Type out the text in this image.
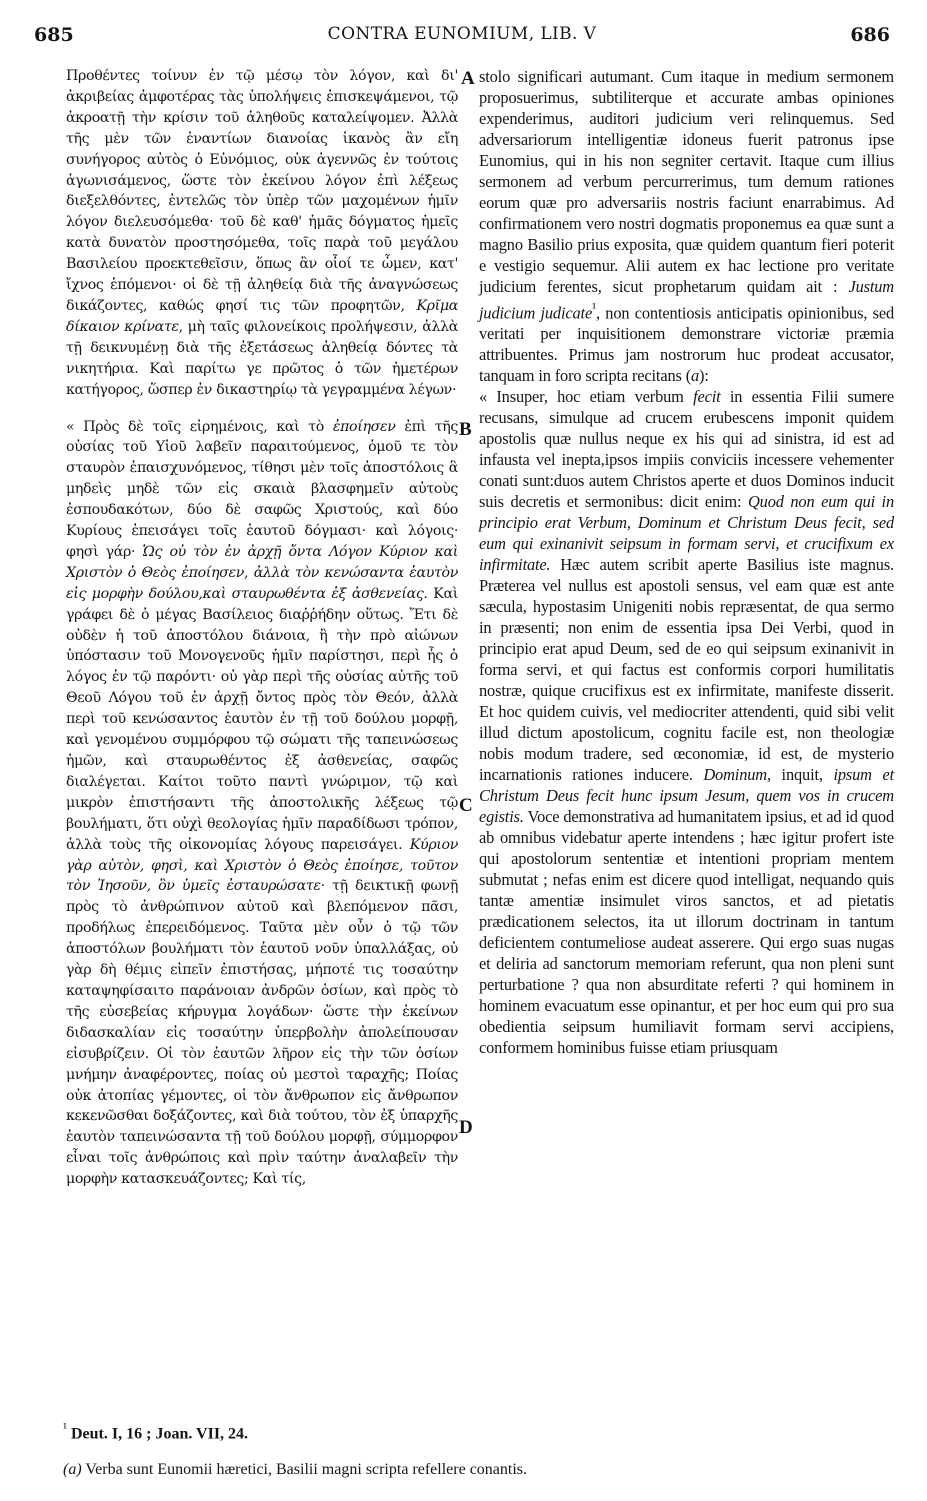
685	CONTRA EUNOMIUM, LIB. V	686

Προθέντες τοίνυν ἐν τῷ μέσῳ τὸν λόγον, καὶ δι' ἀκριβείας ἀμφοτέρας τὰς ὑπολήψεις ἐπισκεψάμενοι, τῷ ἀκροατῇ τὴν κρίσιν τοῦ ἀληθοῦς καταλείψομεν. Ἀλλὰ τῆς μὲν τῶν ἐναντίων διανοίας ἱκανὸς ἂν εἴη συνήγορος αὐτὸς ὁ Εὐνόμιος, οὐκ ἀγεννῶς ἐν τούτοις ἀγωνισάμενος, ὥστε τὸν ἐκείνου λόγον ἐπὶ λέξεως διεξελθόντες, ἐντελῶς τὸν ὑπὲρ τῶν μαχομένων ἡμῖν λόγον διελευσόμεθα· τοῦ δὲ καθ' ἡμᾶς δόγματος ἡμεῖς κατὰ δυνατὸν προστησόμεθα, τοῖς παρὰ τοῦ μεγάλου Βασιλείου προεκτεθεῖσιν, ὅπως ἂν οἷοί τε ὦμεν, κατ' ἴχνος ἑπόμενοι· οἱ δὲ τῇ ἀληθείᾳ διὰ τῆς ἀναγνώσεως δικάζοντες, καθώς φησί τις τῶν προφητῶν, Κρῖμα δίκαιον κρίνατε, μὴ ταῖς φιλονείκοις προλήψεσιν, ἀλλὰ τῇ δεικνυμένῃ διὰ τῆς ἐξετάσεως ἀληθείᾳ δόντες τὰ νικητήρια. Καὶ παρίτω γε πρῶτος ὁ τῶν ἡμετέρων κατήγορος, ὥσπερ ἐν δικαστηρίῳ τὰ γεγραμμένα λέγων·

« Πρὸς δὲ τοῖς εἰρημένοις, καὶ τὸ ἐποίησεν ἐπὶ τῆς οὐσίας τοῦ Υἱοῦ λαβεῖν παραιτούμενος, ὁμοῦ τε τὸν σταυρὸν ἐπαισχυνόμενος, τίθησι μὲν τοῖς ἀποστόλοις ἃ μηδεὶς μηδὲ τῶν εἰς σκαιὰ βλασφημεῖν αὐτοὺς ἐσπουδακότων, δύο δὲ σαφῶς Χριστούς, καὶ δύο Κυρίους ἐπεισάγει τοῖς ἑαυτοῦ δόγμασι· καὶ λόγοις· φησὶ γάρ· Ὡς οὐ τὸν ἐν ἀρχῇ ὄντα Λόγον Κύριον καὶ Χριστὸν ὁ Θεὸς ἐποίησεν, ἀλλὰ τὸν κενώσαντα ἑαυτὸν εἰς μορφὴν δούλου,καὶ σταυρωθέντα ἐξ ἀσθενείας. Καὶ γράφει δὲ ὁ μέγας Βασίλειος διαῤῥήδην οὕτως. Ἔτι δὲ οὐδὲν ἡ τοῦ ἀποστόλου διάνοια, ἢ τὴν πρὸ αἰώνων ὑπόστασιν τοῦ Μονογενοῦς ἡμῖν παρίστησι, περὶ ἧς ὁ λόγος ἐν τῷ παρόντι· οὐ γὰρ περὶ τῆς οὐσίας αὐτῆς τοῦ Θεοῦ Λόγου τοῦ ἐν ἀρχῇ ὄντος πρὸς τὸν Θεόν, ἀλλὰ περὶ τοῦ κενώσαντος ἑαυτὸν ἐν τῇ τοῦ δούλου μορφῇ, καὶ γενομένου συμμόρφου τῷ σώματι τῆς ταπεινώσεως ἡμῶν, καὶ σταυρωθέντος ἐξ ἀσθενείας, σαφῶς διαλέγεται. Καίτοι τοῦτο παντὶ γνώριμον, τῷ καὶ μικρὸν ἐπιστήσαντι τῆς ἀποστολικῆς λέξεως τῷ βουλήματι, ὅτι οὐχὶ θεολογίας ἡμῖν παραδίδωσι τρόπον, ἀλλὰ τοὺς τῆς οἰκονομίας λόγους παρεισάγει. Κύριον γὰρ αὐτὸν, φησὶ, καὶ Χριστὸν ὁ Θεὸς ἐποίησε, τοῦτον τὸν Ἰησοῦν, ὃν ὑμεῖς ἐσταυρώσατε· τῇ δεικτικῇ φωνῇ πρὸς τὸ ἀνθρώπινον αὐτοῦ καὶ βλεπόμενον πᾶσι, προδήλως ἐπερειδόμενος. Ταῦτα μὲν οὖν ὁ τῷ τῶν ἀποστόλων βουλήματι τὸν ἑαυτοῦ νοῦν ὑπαλλάξας, οὐ γὰρ δὴ θέμις εἰπεῖν ἐπιστήσας, μήποτέ τις τοσαύτην καταψηφίσαιτο παράνοιαν ἀνδρῶν ὁσίων, καὶ πρὸς τὸ τῆς εὐσεβείας κήρυγμα λογάδων· ὥστε τὴν ἐκείνων διδασκαλίαν εἰς τοσαύτην ὑπερβολὴν ἀπολείπουσαν εἰσυβρίζειν. Οἱ τὸν ἑαυτῶν λῆρον εἰς τὴν τῶν ὁσίων μνήμην ἀναφέροντες, ποίας οὐ μεστοὶ ταραχῆς; Ποίας οὐκ ἀτοπίας γέμοντες, οἱ τὸν ἄνθρωπον εἰς ἄνθρωπον κεκενῶσθαι δοξάζοντες, καὶ διὰ τούτου, τὸν ἐξ ὑπαρχῆς ἑαυτὸν ταπεινώσαντα τῇ τοῦ δούλου μορφῇ, σύμμορφον εἶναι τοῖς ἀνθρώποις καὶ πρὶν ταύτην ἀναλαβεῖν τὴν μορφὴν κατασκευάζοντες; Καὶ τίς,

A
B
C
D

stolo significari autumant. Cum itaque in medium sermonem proposuerimus, subtiliterque et accurate ambas opiniones expenderimus, auditori judicium veri relinquemus. Sed adversariorum intelligentiæ idoneus fuerit patronus ipse Eunomius, qui in his non segniter certavit. Itaque cum illius sermonem ad verbum percurrerimus, tum demum rationes eorum quæ pro adversariis nostris faciunt enarrabimus. Ad confirmationem vero nostri dogmatis proponemus ea quæ sunt a magno Basilio prius exposita, quæ quidem quantum fieri poterit e vestigio sequemur. Alii autem ex hac lectione pro veritate judicium ferentes, sicut prophetarum quidam ait : Justum judicium judicate$^{^1}$, non contentiosis anticipatis opinionibus, sed veritati per inquisitionem demonstrare victoriæ præmia attribuentes. Primus jam nostrorum huc prodeat accusator, tanquam in foro scripta recitans (a):

« Insuper, hoc etiam verbum fecit in essentia Filii sumere recusans, simulque ad crucem erubescens imponit quidem apostolis quæ nullus neque ex his qui ad sinistra, id est ad infausta vel inepta,ipsos impiis conviciis incessere vehementer conati sunt:duos autem Christos aperte et duos Dominos inducit suis decretis et sermonibus: dicit enim: Quod non eum qui in principio erat Verbum, Dominum et Christum Deus fecit, sed eum qui exinanivit seipsum in formam servi, et crucifixum ex infirmitate. Hæc autem scribit aperte Basilius iste magnus. Præterea vel nullus est apostoli sensus, vel eam quæ est ante sæcula, hypostasim Unigeniti nobis repræsentat, de qua sermo in præsenti; non enim de essentia ipsa Dei Verbi, quod in principio erat apud Deum, sed de eo qui seipsum exinanivit in forma servi, et qui factus est conformis corpori humilitatis nostræ, quique crucifixus est ex infirmitate, manifeste disserit. Et hoc quidem cuivis, vel mediocriter attendenti, quid sibi velit illud dictum apostolicum, cognitu facile est, non theologiæ nobis modum tradere, sed œconomiæ, id est, de mysterio incarnationis rationes inducere. Dominum, inquit, ipsum et Christum Deus fecit hunc ipsum Jesum, quem vos in crucem egistis. Voce demonstrativa ad humanitatem ipsius, et ad id quod ab omnibus videbatur aperte intendens ; hæc igitur profert iste qui apostolorum sententiæ et intentioni propriam mentem submutat ; nefas enim est dicere quod intelligat, nequando quis tantæ amentiæ insimulet viros sanctos, et ad pietatis prædicationem selectos, ita ut illorum doctrinam in tantum deficientem contumeliose audeat asserere. Qui ergo suas nugas et deliria ad sanctorum memoriam referunt, qua non pleni sunt perturbatione ? qua non absurditate referti ? qui hominem in hominem evacuatum esse opinantur, et per hoc eum qui pro sua obedientia seipsum humiliavit formam servi accipiens, conformem hominibus fuisse etiam priusquam

$^{^1}$ Deut. I, 16 ; Joan. VII, 24.
(a) Verba sunt Eunomii hæretici, Basilii magni scripta refellere conantis.
